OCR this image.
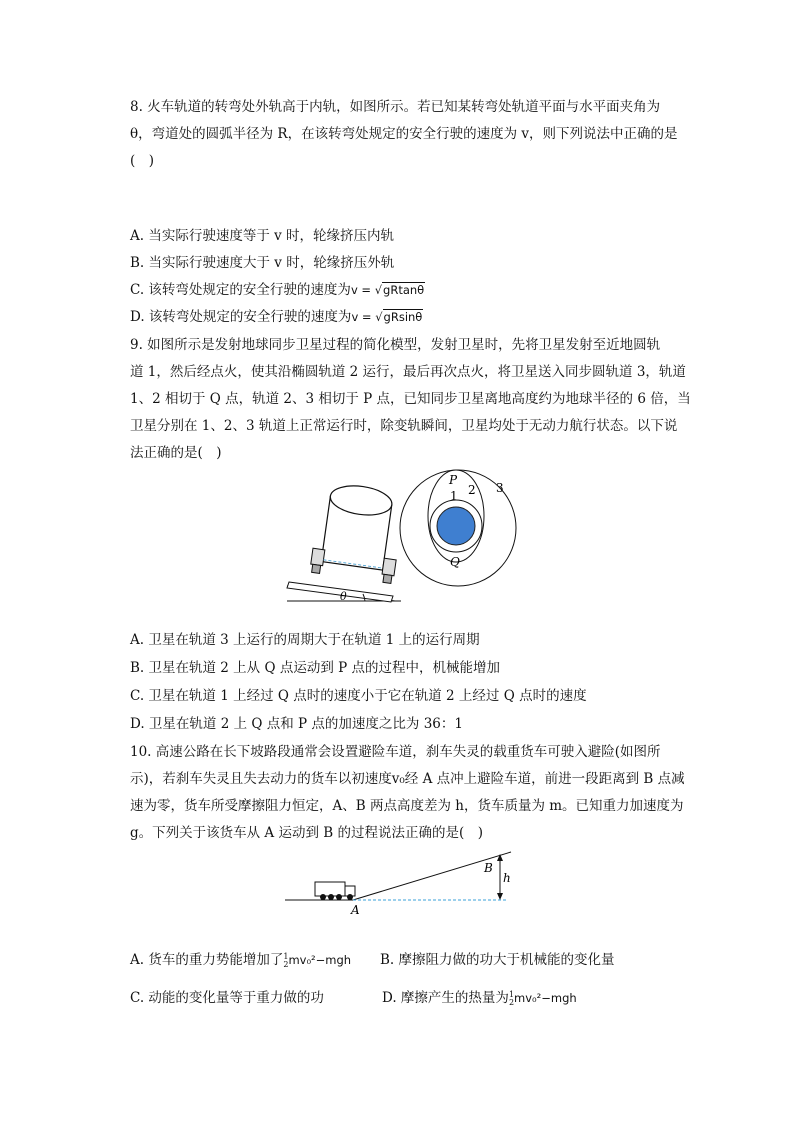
8. 火车轨道的转弯处外轨高于内轨，如图所示。若已知某转弯处轨道平面与水平面夹角为
θ，弯道处的圆弧半径为 R，在该转弯处规定的安全行驶的速度为 v，则下列说法中正确的是
(　)
A. 当实际行驶速度等于 v 时，轮缘挤压内轨
B. 当实际行驶速度大于 v 时，轮缘挤压外轨
C. 该转弯处规定的安全行驶的速度为v = √gRtanθ
D. 该转弯处规定的安全行驶的速度为v = √gRsinθ
9. 如图所示是发射地球同步卫星过程的简化模型，发射卫星时，先将卫星发射至近地圆轨
道 1，然后经点火，使其沿椭圆轨道 2 运行，最后再次点火，将卫星送入同步圆轨道 3，轨道
1、2 相切于 Q 点，轨道 2、3 相切于 P 点，已知同步卫星离地高度约为地球半径的 6 倍，当
卫星分别在 1、2、3 轨道上正常运行时，除变轨瞬间，卫星均处于无动力航行状态。以下说
法正确的是(　)
θ
P
1 2 3
Q
A. 卫星在轨道 3 上运行的周期大于在轨道 1 上的运行周期
B. 卫星在轨道 2 上从 Q 点运动到 P 点的过程中，机械能增加
C. 卫星在轨道 1 上经过 Q 点时的速度小于它在轨道 2 上经过 Q 点时的速度
D. 卫星在轨道 2 上 Q 点和 P 点的加速度之比为 36：1
10. 高速公路在长下坡路段通常会设置避险车道，刹车失灵的载重货车可驶入避险(如图所
示)，若刹车失灵且失去动力的货车以初速度v₀经 A 点冲上避险车道，前进一段距离到 B 点减
速为零，货车所受摩擦阻力恒定，A、B 两点高度差为 h，货车质量为 m。已知重力加速度为
g。下列关于该货车从 A 运动到 B 的过程说法正确的是(　)
B
h
A
A. 货车的重力势能增加了 1
2 mv₀²−mgh B. 摩擦阻力做的功大于机械能的变化量
C. 动能的变化量等于重力做的功	D. 摩擦产生的热量为 1
2 mv₀²−mgh
